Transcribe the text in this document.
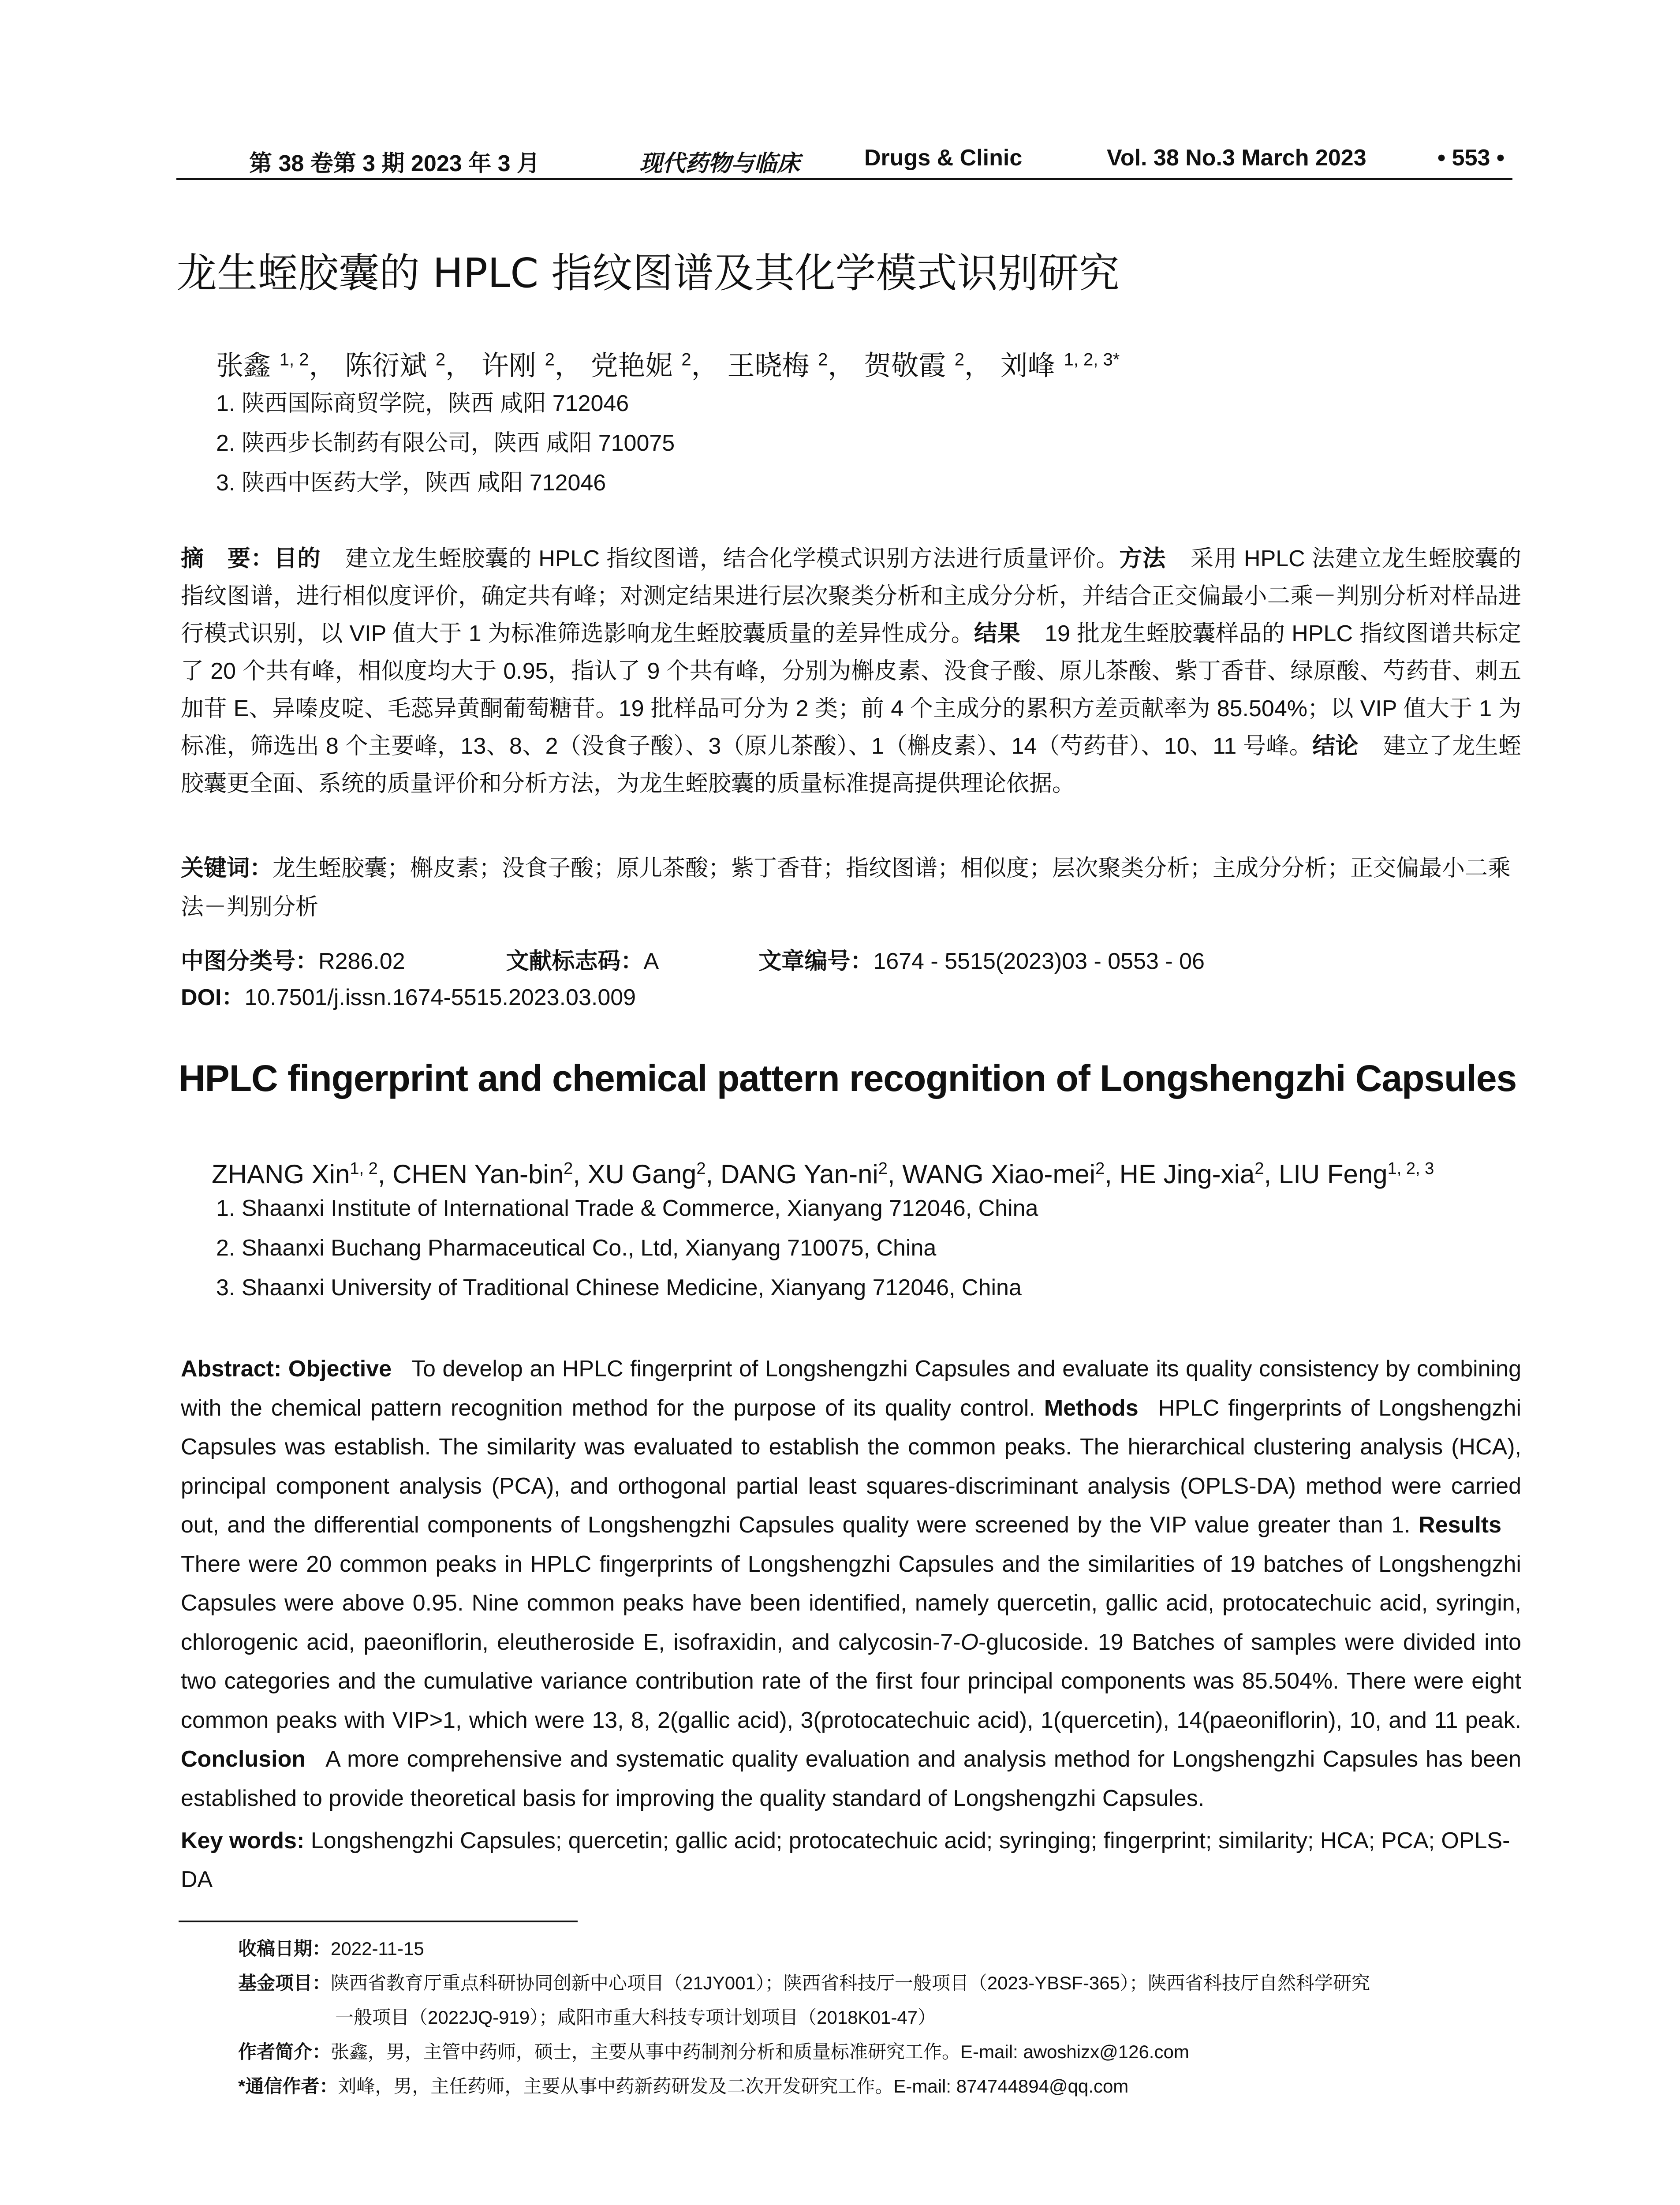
第 38 卷第 3 期 2023 年 3 月	现代药物与临床	Drugs & Clinic	Vol. 38 No.3 March 2023	• 553 •
龙生蛭胶囊的 HPLC 指纹图谱及其化学模式识别研究
张鑫 $^{1, 2}$， 陈衍斌 $^2$， 许刚 $^2$， 党艳妮 $^2$， 王晓梅 $^2$， 贺敬霞 $^2$， 刘峰 $^{1, 2, 3*}$
1. 陕西国际商贸学院，陕西 咸阳 712046
2. 陕西步长制药有限公司，陕西 咸阳 710075
3. 陕西中医药大学，陕西 咸阳 712046
摘　要：目的 建立龙生蛭胶囊的 HPLC 指纹图谱，结合化学模式识别方法进行质量评价。方法 采用 HPLC 法建立龙生蛭胶囊的指纹图谱，进行相似度评价，确定共有峰；对测定结果进行层次聚类分析和主成分分析，并结合正交偏最小二乘－判别分析对样品进行模式识别，以 VIP 值大于 1 为标准筛选影响龙生蛭胶囊质量的差异性成分。结果 19 批龙生蛭胶囊样品的 HPLC 指纹图谱共标定了 20 个共有峰，相似度均大于 0.95，指认了 9 个共有峰，分别为槲皮素、没食子酸、原儿茶酸、紫丁香苷、绿原酸、芍药苷、刺五加苷 E、异嗪皮啶、毛蕊异黄酮葡萄糖苷。19 批样品可分为 2 类；前 4 个主成分的累积方差贡献率为 85.504%；以 VIP 值大于 1 为标准，筛选出 8 个主要峰，13、8、2（没食子酸）、3（原儿茶酸）、1（槲皮素）、14（芍药苷）、10、11 号峰。结论 建立了龙生蛭胶囊更全面、系统的质量评价和分析方法，为龙生蛭胶囊的质量标准提高提供理论依据。
关键词：龙生蛭胶囊；槲皮素；没食子酸；原儿茶酸；紫丁香苷；指纹图谱；相似度；层次聚类分析；主成分分析；正交偏最小二乘法－判别分析
中图分类号：R286.02	文献标志码：A	文章编号：1674 - 5515(2023)03 - 0553 - 06
DOI：10.7501/j.issn.1674-5515.2023.03.009
HPLC fingerprint and chemical pattern recognition of Longshengzhi Capsules
ZHANG Xin$^{1, 2}$, CHEN Yan-bin$^2$, XU Gang$^2$, DANG Yan-$ni^2$, WANG Xiao-mei$^2$, HE Jing-xia$^2$, LIU Feng$^{1, 2, 3}$
1. Shaanxi Institute of International Trade & Commerce, Xianyang 712046, China
2. Shaanxi Buchang Pharmaceutical Co., Ltd, Xianyang 710075, China
3. Shaanxi University of Traditional Chinese Medicine, Xianyang 712046, China
Abstract: Objective To develop an HPLC fingerprint of Longshengzhi Capsules and evaluate its quality consistency by combining with the chemical pattern recognition method for the purpose of its quality control. Methods HPLC fingerprints of Longshengzhi Capsules was establish. The similarity was evaluated to establish the common peaks. The hierarchical clustering analysis (HCA), principal component analysis (PCA), and orthogonal partial least squares-discriminant analysis (OPLS-DA) method were carried out, and the differential components of Longshengzhi Capsules quality were screened by the VIP value greater than 1. ResultsThere were 20 common peaks in HPLC fingerprints of Longshengzhi Capsules and the similarities of 19 batches of Longshengzhi Capsules were above 0.95. Nine common peaks have been identified, namely quercetin, gallic acid, protocatechuic acid, syringin, chlorogenic acid, paeoniflorin, eleutheroside E, isofraxidin, and calycosin-7-O-glucoside. 19 Batches of samples were divided into two categories and the cumulative variance contribution rate of the first four principal components was 85.504%. There were eight common peaks with VIP>1, which were 13, 8, 2(gallic acid), 3(protocatechuic acid), 1(quercetin), 14(paeoniflorin), 10, and 11 peak. Conclusion A more comprehensive and systematic quality evaluation and analysis method for Longshengzhi Capsules has been established to provide theoretical basis for improving the quality standard of Longshengzhi Capsules.
Key words: Longshengzhi Capsules; quercetin; gallic acid; protocatechuic acid; syringing; fingerprint; similarity; HCA; PCA; OPLS-DA
收稿日期：2022-11-15
基金项目：陕西省教育厅重点科研协同创新中心项目（21JY001）；陕西省科技厅一般项目（2023-YBSF-365）；陕西省科技厅自然科学研究
一般项目（2022JQ-919）；咸阳市重大科技专项计划项目（2018K01-47）
作者简介：张鑫，男，主管中药师，硕士，主要从事中药制剂分析和质量标准研究工作。E-mail: awoshizx@126.com
*通信作者：刘峰，男，主任药师，主要从事中药新药研发及二次开发研究工作。E-mail: 874744894@qq.com
